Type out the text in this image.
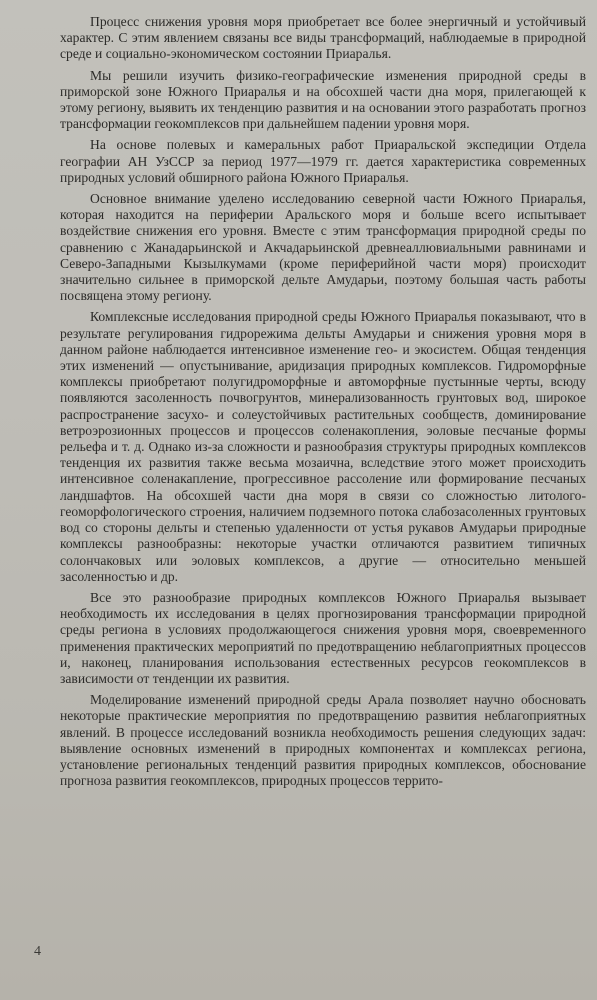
Процесс снижения уровня моря приобретает все более энергичный и устойчивый характер. С этим явлением связаны все виды трансформаций, наблюдаемые в природной среде и социально-экономическом состоянии Приаралья.

Мы решили изучить физико-географические изменения природной среды в приморской зоне Южного Приаралья и на обсохшей части дна моря, прилегающей к этому региону, выявить их тенденцию развития и на основании этого разработать прогноз трансформации геокомплексов при дальнейшем падении уровня моря.

На основе полевых и камеральных работ Приаральской экспедиции Отдела географии АН УзССР за период 1977—1979 гг. дается характеристика современных природных условий обширного района Южного Приаралья.

Основное внимание уделено исследованию северной части Южного Приаралья, которая находится на периферии Аральского моря и больше всего испытывает воздействие снижения его уровня. Вместе с этим трансформация природной среды по сравнению с Жанадарьинской и Акчадарьинской древнеаллювиальными равнинами и Северо-Западными Кызылкумами (кроме периферийной части моря) происходит значительно сильнее в приморской дельте Амударьи, поэтому большая часть работы посвящена этому региону.

Комплексные исследования природной среды Южного Приаралья показывают, что в результате регулирования гидрорежима дельты Амударьи и снижения уровня моря в данном районе наблюдается интенсивное изменение гео- и экосистем. Общая тенденция этих изменений — опустынивание, аридизация природных комплексов. Гидроморфные комплексы приобретают полугидроморфные и автоморфные пустынные черты, всюду появляются засоленность почвогрунтов, минерализованность грунтовых вод, широкое распространение засухо- и солеустойчивых растительных сообществ, доминирование ветроэрозионных процессов и процессов соленакопления, эоловые песчаные формы рельефа и т. д. Однако из-за сложности и разнообразия структуры природных комплексов тенденция их развития также весьма мозаична, вследствие этого может происходить интенсивное соленакапление, прогрессивное рассоление или формирование песчаных ландшафтов. На обсохшей части дна моря в связи со сложностью литолого-геоморфологического строения, наличием подземного потока слабозасоленных грунтовых вод со стороны дельты и степенью удаленности от устья рукавов Амударьи природные комплексы разнообразны: некоторые участки отличаются развитием типичных солончаковых или эоловых комплексов, а другие — относительно меньшей засоленностью и др.

Все это разнообразие природных комплексов Южного Приаралья вызывает необходимость их исследования в целях прогнозирования трансформации природной среды региона в условиях продолжающегося снижения уровня моря, своевременного применения практических мероприятий по предотвращению неблагоприятных процессов и, наконец, планирования использования естественных ресурсов геокомплексов в зависимости от тенденции их развития.

Моделирование изменений природной среды Арала позволяет научно обосновать некоторые практические мероприятия по предотвращению развития неблагоприятных явлений. В процессе исследований возникла необходимость решения следующих задач: выявление основных изменений в природных компонентах и комплексах региона, установление региональных тенденций развития природных комплексов, обоснование прогноза развития геокомплексов, природных процессов террито-

4
